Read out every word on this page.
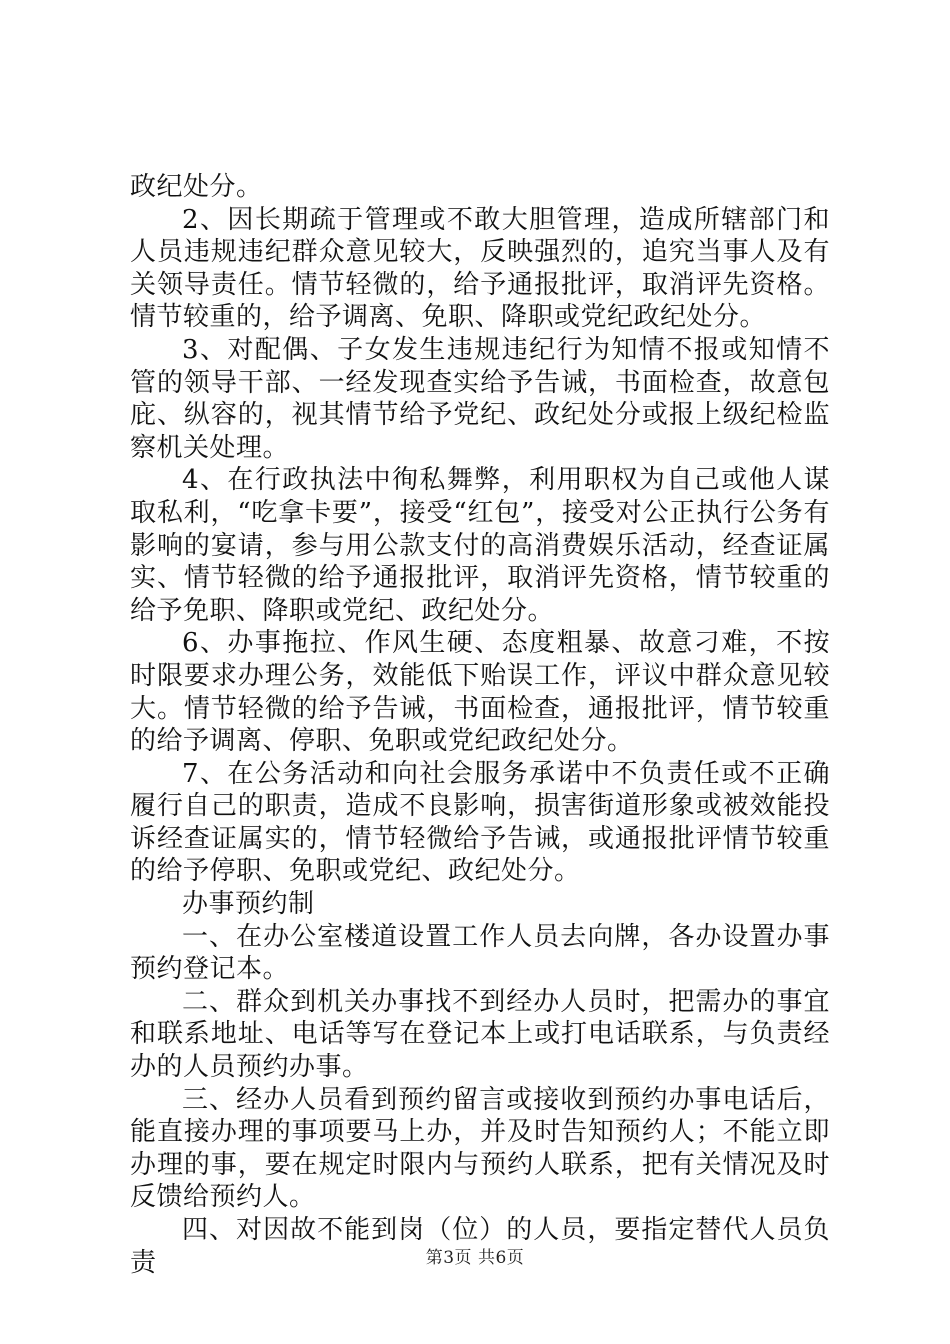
政纪处分。

2、因长期疏于管理或不敢大胆管理，造成所辖部门和人员违规违纪群众意见较大，反映强烈的，追究当事人及有关领导责任。情节轻微的，给予通报批评，取消评先资格。情节较重的，给予调离、免职、降职或党纪政纪处分。

3、对配偶、子女发生违规违纪行为知情不报或知情不管的领导干部、一经发现查实给予告诫，书面检查，故意包庇、纵容的，视其情节给予党纪、政纪处分或报上级纪检监察机关处理。

4、在行政执法中徇私舞弊，利用职权为自己或他人谋取私利，“吃拿卡要”，接受“红包”，接受对公正执行公务有影响的宴请，参与用公款支付的高消费娱乐活动，经查证属实、情节轻微的给予通报批评，取消评先资格，情节较重的给予免职、降职或党纪、政纪处分。

6、办事拖拉、作风生硬、态度粗暴、故意刁难，不按时限要求办理公务，效能低下贻误工作，评议中群众意见较大。情节轻微的给予告诫，书面检查，通报批评，情节较重的给予调离、停职、免职或党纪政纪处分。

7、在公务活动和向社会服务承诺中不负责任或不正确履行自己的职责，造成不良影响，损害街道形象或被效能投诉经查证属实的，情节轻微给予告诫，或通报批评情节较重的给予停职、免职或党纪、政纪处分。

办事预约制

一、在办公室楼道设置工作人员去向牌，各办设置办事预约登记本。

二、群众到机关办事找不到经办人员时，把需办的事宜和联系地址、电话等写在登记本上或打电话联系，与负责经办的人员预约办事。

三、经办人员看到预约留言或接收到预约办事电话后，能直接办理的事项要马上办，并及时告知预约人；不能立即办理的事，要在规定时限内与预约人联系，把有关情况及时反馈给预约人。

四、对因故不能到岗（位）的人员，要指定替代人员负责	第3页 共6页
